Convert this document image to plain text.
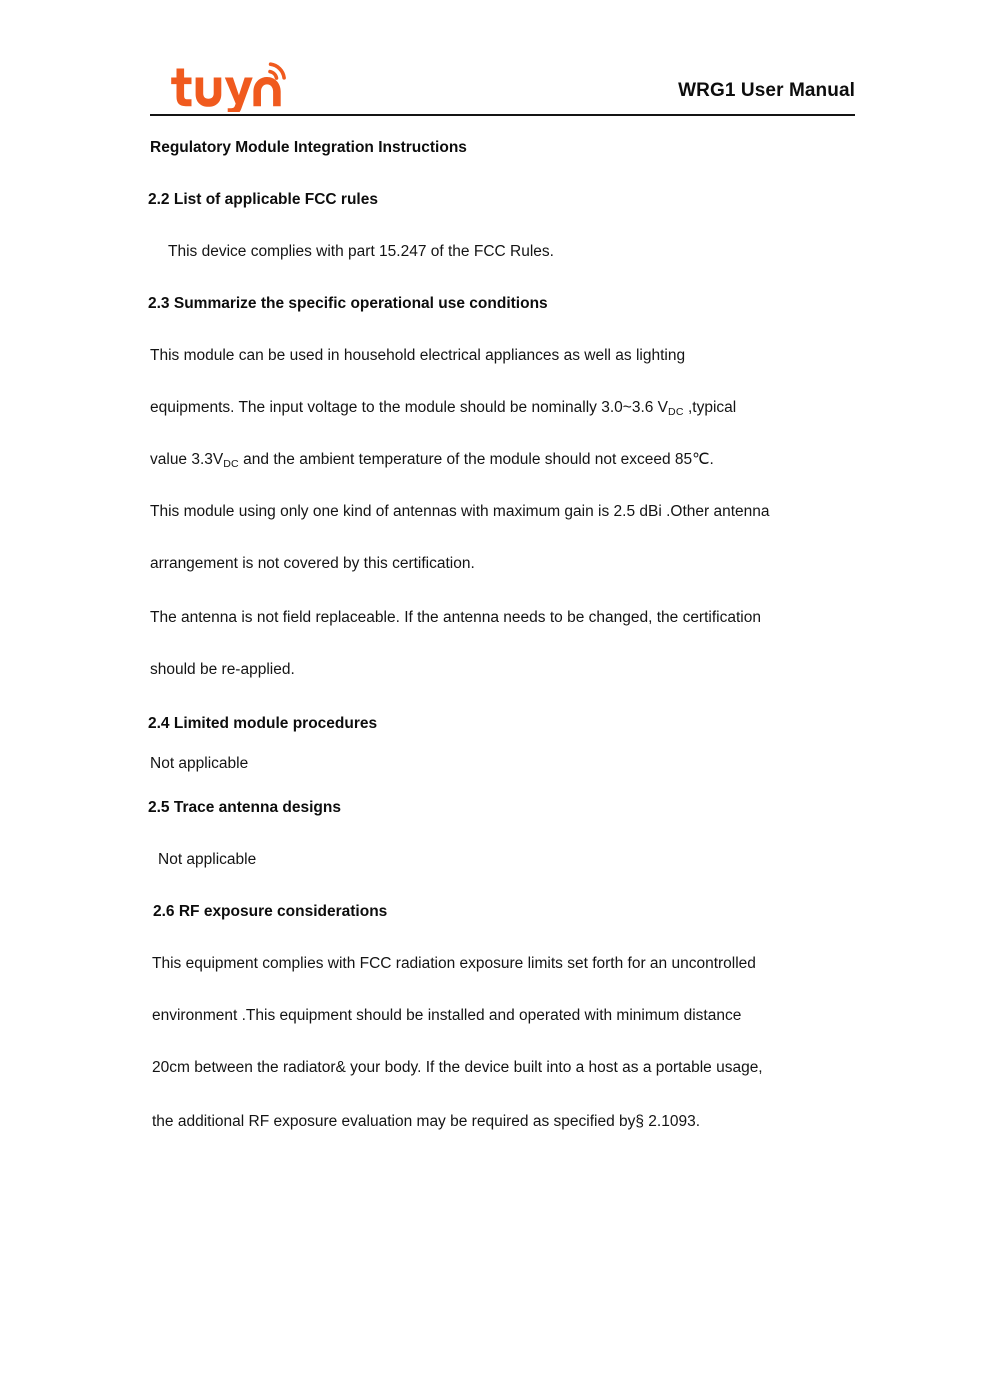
WRG1 User Manual
Regulatory Module Integration Instructions
2.2 List of applicable FCC rules
This device complies with part 15.247 of the FCC Rules.
2.3 Summarize the specific operational use conditions
This module can be used in household electrical appliances as well as lighting
equipments. The input voltage to the module should be nominally 3.0~3.6 $V_{DC}$ ,typical
value $3.3V_{DC}$ and the ambient temperature of the module should not exceed 85℃.
This module using only one kind of antennas with maximum gain is 2.5 dBi .Other antenna
arrangement is not covered by this certification.
The antenna is not field replaceable. If the antenna needs to be changed, the certification
should be re-applied.
2.4 Limited module procedures
Not applicable
2.5 Trace antenna designs
Not applicable
2.6 RF exposure considerations
This equipment complies with FCC radiation exposure limits set forth for an uncontrolled
environment .This equipment should be installed and operated with minimum distance
20cm between the radiator& your body. If the device built into a host as a portable usage,
the additional RF exposure evaluation may be required as specified by§ 2.1093.
